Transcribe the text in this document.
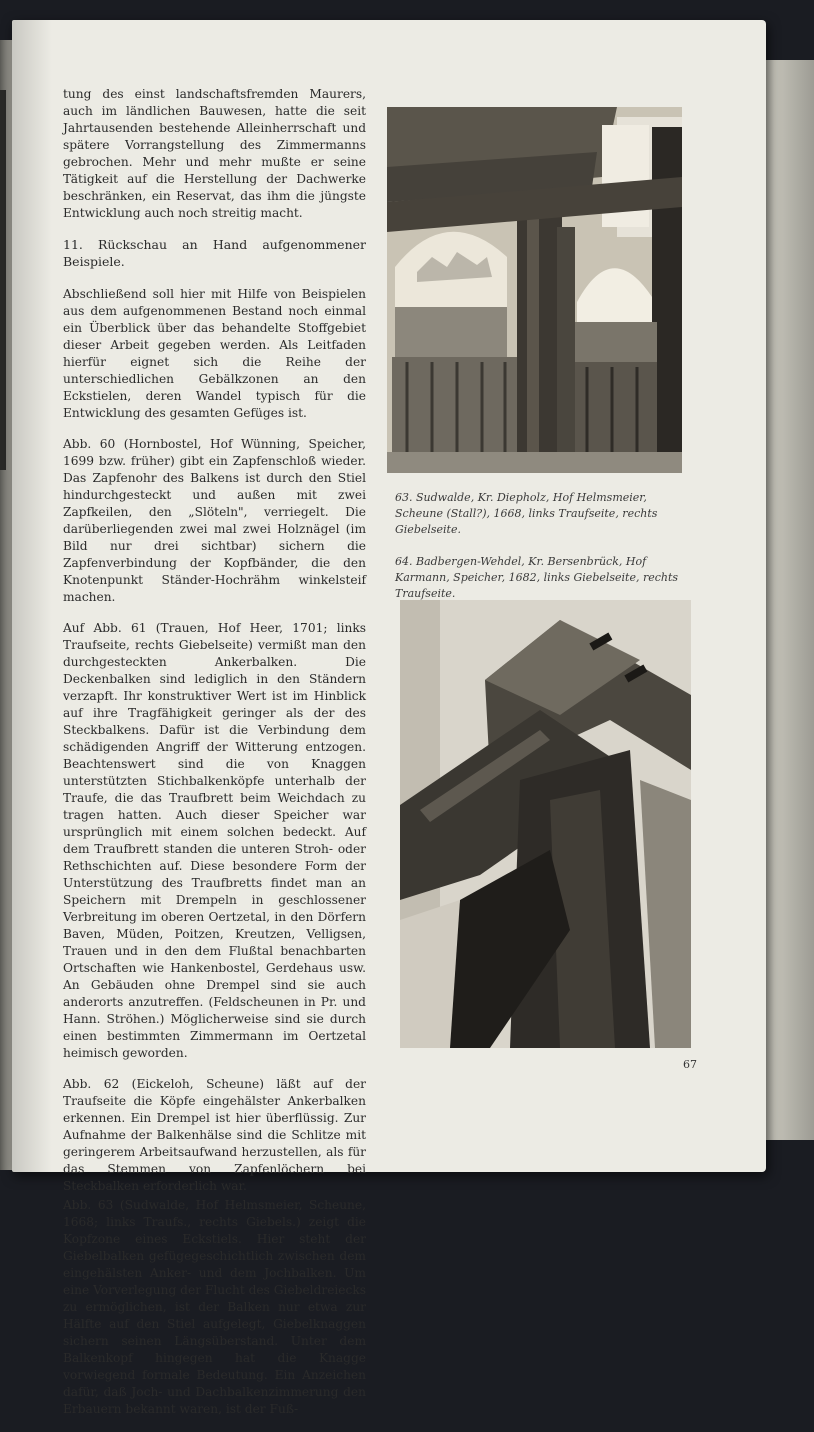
tung des einst landschaftsfremden Maurers, auch im ländlichen Bauwesen, hatte die seit Jahrtausenden bestehende Alleinherrschaft und spätere Vorrangstellung des Zimmermanns gebrochen. Mehr und mehr mußte er seine Tätigkeit auf die Herstellung der Dachwerke beschränken, ein Reservat, das ihm die jüngste Entwicklung auch noch streitig macht.

11. Rückschau an Hand aufgenommener Beispiele.

Abschließend soll hier mit Hilfe von Beispielen aus dem aufgenommenen Bestand noch einmal ein Überblick über das behandelte Stoffgebiet dieser Arbeit gegeben werden. Als Leitfaden hierfür eignet sich die Reihe der unterschiedlichen Gebälkzonen an den Eckstielen, deren Wandel typisch für die Entwicklung des gesamten Gefüges ist.

Abb. 60 (Hornbostel, Hof Wünning, Speicher, 1699 bzw. früher) gibt ein Zapfenschloß wieder. Das Zapfenohr des Balkens ist durch den Stiel hindurchgesteckt und außen mit zwei Zapfkeilen, den „Slöteln", verriegelt. Die darüberliegenden zwei mal zwei Holznägel (im Bild nur drei sichtbar) sichern die Zapfenverbindung der Kopfbänder, die den Knotenpunkt Ständer-Hochrähm winkelsteif machen.

Auf Abb. 61 (Trauen, Hof Heer, 1701; links Traufseite, rechts Giebelseite) vermißt man den durchgesteckten Ankerbalken. Die Deckenbalken sind lediglich in den Ständern verzapft. Ihr konstruktiver Wert ist im Hinblick auf ihre Tragfähigkeit geringer als der des Steckbalkens. Dafür ist die Verbindung dem schädigenden Angriff der Witterung entzogen. Beachtenswert sind die von Knaggen unterstützten Stichbalkenköpfe unterhalb der Traufe, die das Traufbrett beim Weichdach zu tragen hatten. Auch dieser Speicher war ursprünglich mit einem solchen bedeckt. Auf dem Traufbrett standen die unteren Stroh- oder Rethschichten auf. Diese besondere Form der Unterstützung des Traufbretts findet man an Speichern mit Drempeln in geschlossener Verbreitung im oberen Oertzetal, in den Dörfern Baven, Müden, Poitzen, Kreutzen, Velligsen, Trauen und in den dem Flußtal benachbarten Ortschaften wie Hankenbostel, Gerdehaus usw. An Gebäuden ohne Drempel sind sie auch anderorts anzutreffen. (Feldscheunen in Pr. und Hann. Ströhen.) Möglicherweise sind sie durch einen bestimmten Zimmermann im Oertzetal heimisch geworden.

Abb. 62 (Eickeloh, Scheune) läßt auf der Traufseite die Köpfe eingehälster Ankerbalken erkennen. Ein Drempel ist hier überflüssig. Zur Aufnahme der Balkenhälse sind die Schlitze mit geringerem Arbeitsaufwand herzustellen, als für das Stemmen von Zapfenlöchern bei Steckbalken erforderlich war.

Abb. 63 (Sudwalde, Hof Helmsmeier, Scheune, 1668; links Traufs., rechts Giebels.) zeigt die Kopfzone eines Eckstiels. Hier steht der Giebelbalken gefügegeschichtlich zwischen dem eingehälsten Anker- und dem Jochbalken. Um eine Vorverlegung der Flucht des Giebeldreiecks zu ermöglichen, ist der Balken nur etwa zur Hälfte auf den Stiel aufgelegt, Giebelknaggen sichern seinen Längsüberstand. Unter dem Balkenkopf hingegen hat die Knagge vorwiegend formale Bedeutung. Ein Anzeichen dafür, daß Joch- und Dachbalkenzimmerung den Erbauern bekannt waren, ist der Fuß-

63. Sudwalde, Kr. Diepholz, Hof Helmsmeier, Scheune (Stall?), 1668, links Traufseite, rechts Giebelseite.
64. Badbergen-Wehdel, Kr. Bersenbrück, Hof Karmann, Speicher, 1682, links Giebelseite, rechts Traufseite.
67
